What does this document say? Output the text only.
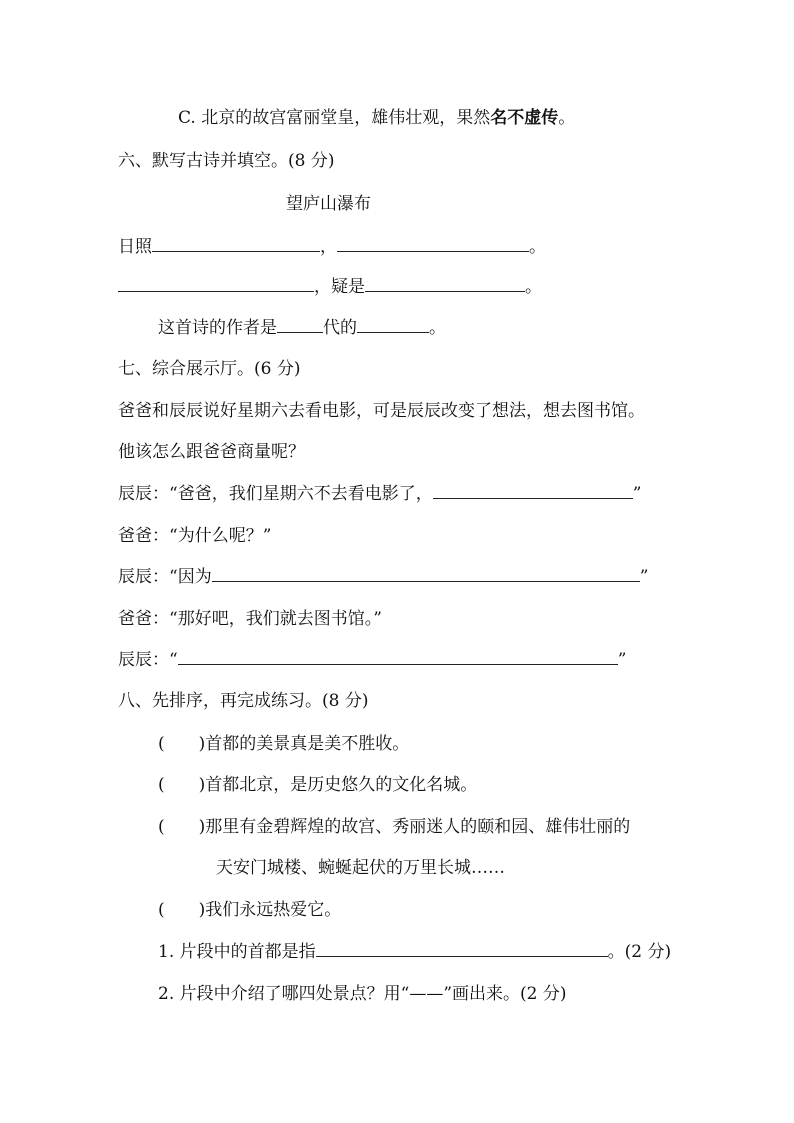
C. 北京的故宫富丽堂皇，雄伟壮观，果然名不虚传。
六、默写古诗并填空。(8 分)
望庐山瀑布
日照	，	。
，疑是	。
这首诗的作者是	代的	。
七、综合展示厅。(6 分)
爸爸和辰辰说好星期六去看电影，可是辰辰改变了想法，想去图书馆。
他该怎么跟爸爸商量呢？
辰辰：“爸爸，我们星期六不去看电影了，	”
爸爸：“为什么呢？”
辰辰：“因为	”
爸爸：“那好吧，我们就去图书馆。”
辰辰：“	”
八、先排序，再完成练习。(8 分)
(　　)首都的美景真是美不胜收。
(　　)首都北京，是历史悠久的文化名城。
(　　)那里有金碧辉煌的故宫、秀丽迷人的颐和园、雄伟壮丽的
天安门城楼、蜿蜒起伏的万里长城……
(　　)我们永远热爱它。
1. 片段中的首都是指	。(2 分)
2. 片段中介绍了哪四处景点？用“——”画出来。(2 分)
